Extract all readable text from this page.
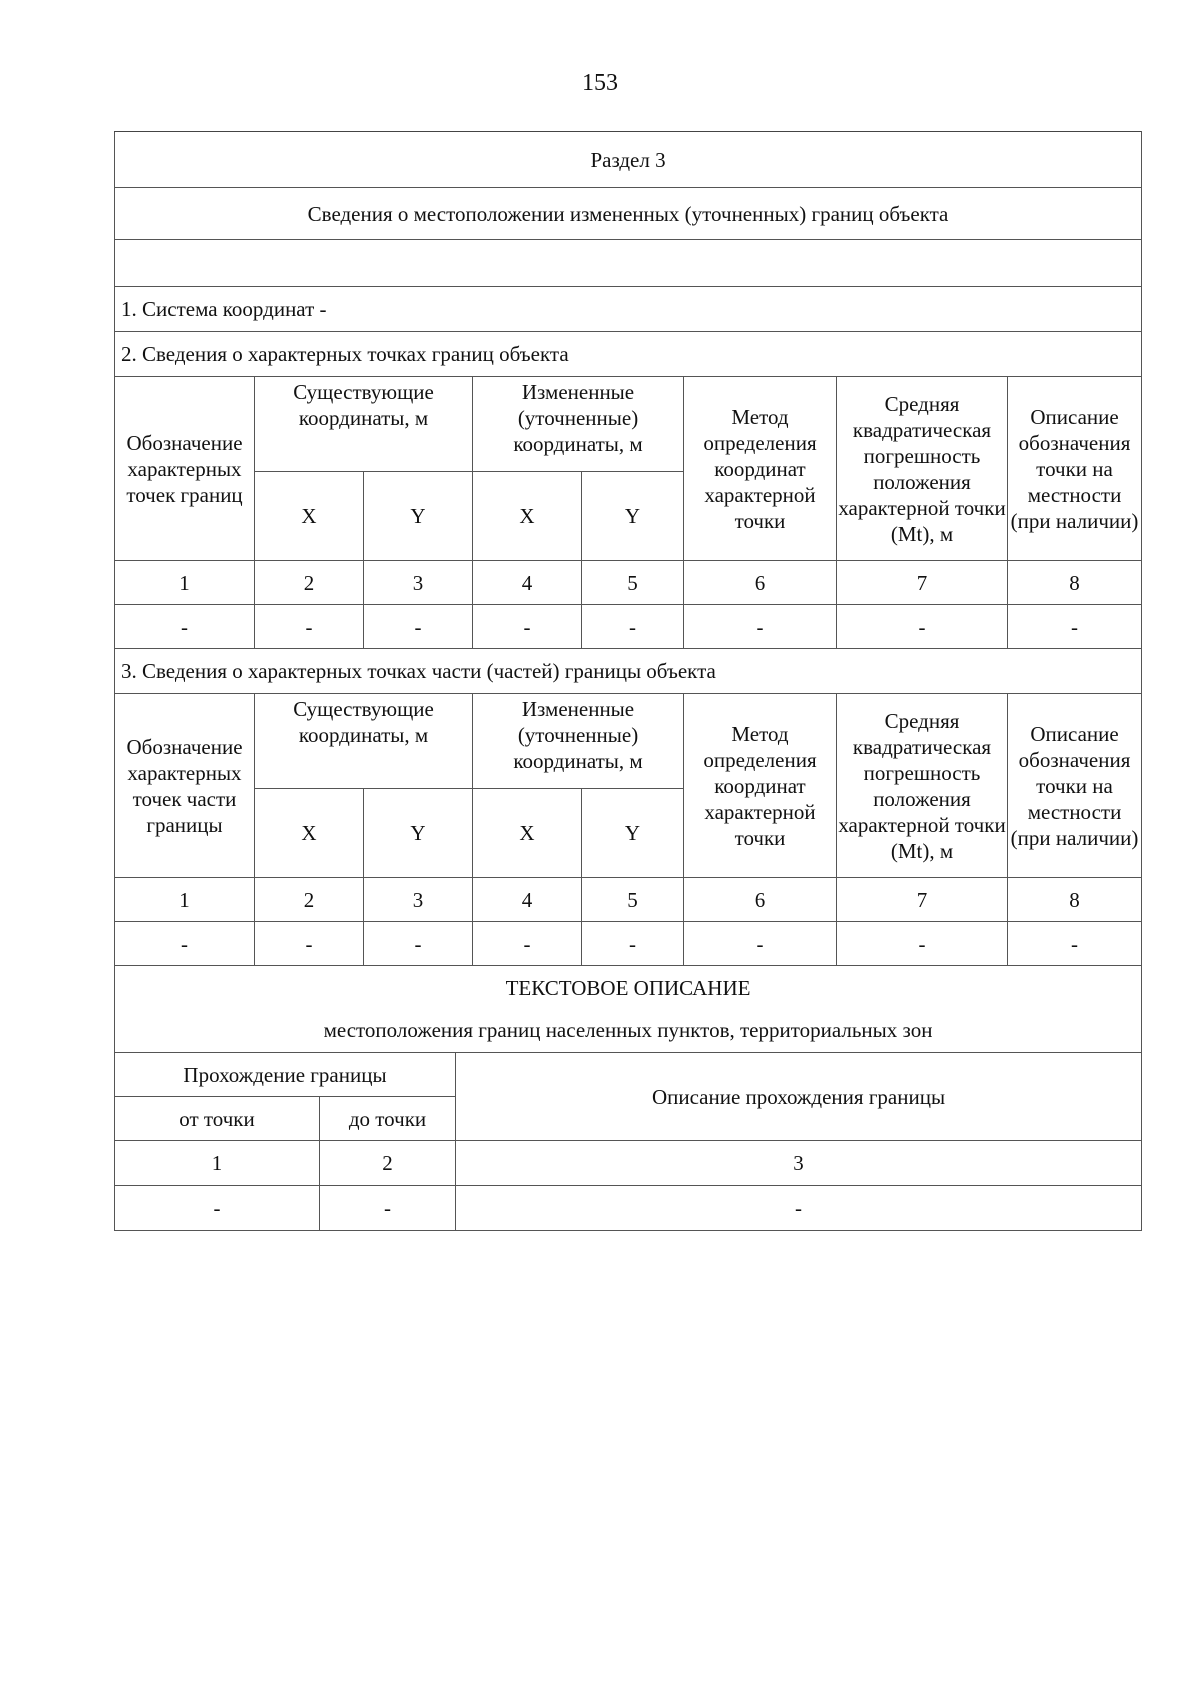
153
Раздел 3							
Сведения о местоположении измененных (уточненных) границ объекта							

1. Система координат -							
2. Сведения о характерных точках границ объекта							
Обозначение характерных точек границ	Существующие координаты, м		Измененные (уточненные) координаты, м		Метод определения координат характерной точки	Средняя квадратическая погрешность положения характерной точки (Mt), м	Описание обозначения точки на местности (при наличии)
	X	Y	X	Y			
1	2	3	4	5	6	7	8
-	-	-	-	-	-	-	-
3. Сведения о характерных точках части (частей) границы объекта							
Обозначение характерных точек части границы	Существующие координаты, м		Измененные (уточненные) координаты, м		Метод определения координат характерной точки	Средняя квадратическая погрешность положения характерной точки (Mt), м	Описание обозначения точки на местности (при наличии)
	X	Y	X	Y			
1	2	3	4	5	6	7	8
-	-	-	-	-	-	-	-
ТЕКСТОВОЕ ОПИСАНИЕ
местоположения границ населенных пунктов, территориальных зон		

Прохождение границы		Описание прохождения границы
от точки	до точки	
1	2	3
-	-	-
